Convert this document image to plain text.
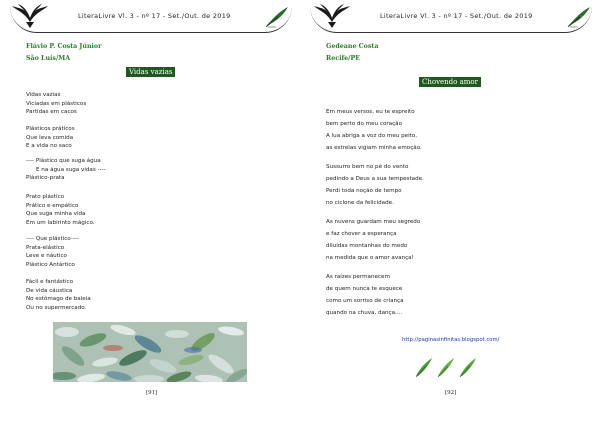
LiteraLivre Vl. 3 - nº 17 - Set./Out. de 2019
Flávio P. Costa Júnior
São Luís/MA
Vidas vazias
Vidas vazias
Viciadas em plásticos
Partidas em cacos
Plásticos práticos
Que leva comida
E a vida no saco
---- Plástico que suga água
E na água suga vidas ----
Plástico-prata
Prato plástico
Prático e empático
Que suga minha vida
Em um labirinto mágico.
---- Que plástico----
Prata-elástico
Leve e náutico
Plástico Antártico
Fácil e fantástico
De vida cáustica
No estômago de baleia
Ou no supermercado.
[91]
LiteraLivre Vl. 3 - nº 17 - Set./Out. de 2019
Gedeane Costa
Recife/PE
Chovendo amor
Em meus versos, eu te espreito
bem perto do meu coração
A lua abriga a voz do meu peito,
as estrelas vigiam minha emoção.
Sussurro bem no pé do vento
pedindo a Deus a sua tempestade.
Perdi toda noção de tempo
no ciclone da felicidade.
As nuvens guardam meu segredo
e faz chover a esperança
diluídas montanhas do medo
na medida que o amor avança!
As raízes permanecem
de quem nunca te esquece
como um sorriso de criança
quando na chuva, dança....
http://paginasinfinitas.blogspot.com/
[92]
